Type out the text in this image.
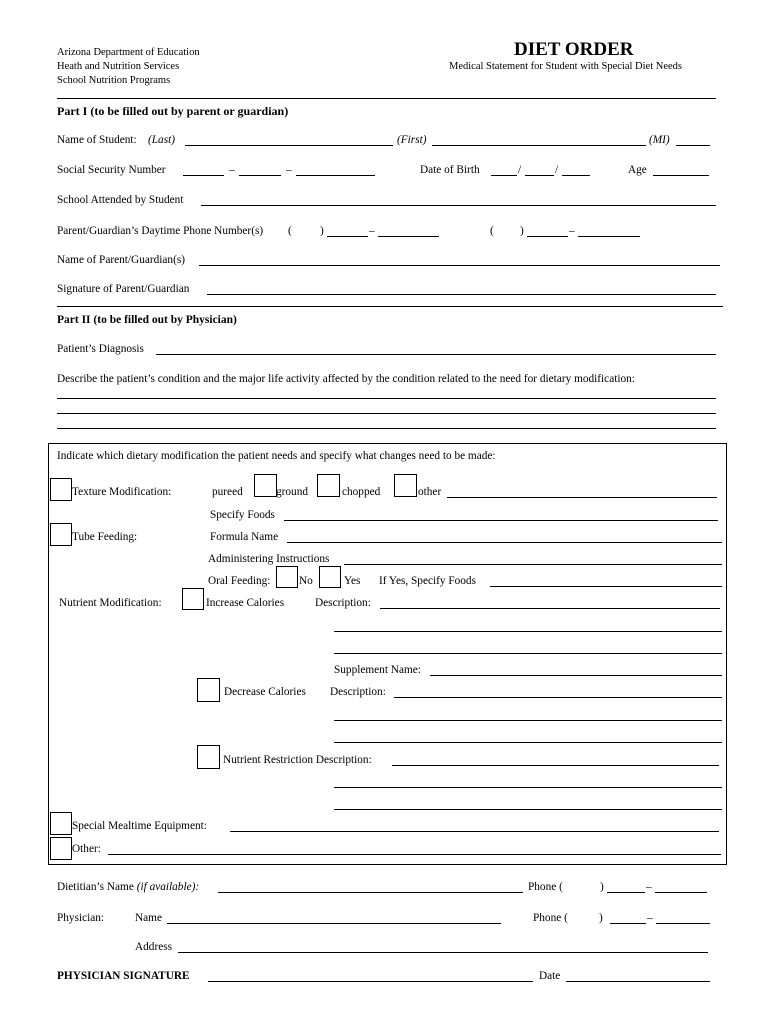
Arizona Department of Education
Heath and Nutrition Services
School Nutrition Programs
DIET ORDER
Medical Statement for Student with Special Diet Needs
Part I (to be filled out by parent or guardian)
Name of Student: (Last)	(First)	(MI)
Social Security Number	–	–	Date of Birth	/	/	Age
School Attended by Student
Parent/Guardian’s Daytime Phone Number(s) ( )	–	( )	–
Name of Parent/Guardian(s)
Signature of Parent/Guardian
Part II (to be filled out by Physician)
Patient’s Diagnosis
Describe the patient’s condition and the major life activity affected by the condition related to the need for dietary modification:
Indicate which dietary modification the patient needs and specify what changes need to be made:
Texture Modification:	pureed	ground	chopped	other
Specify Foods
Tube Feeding:	Formula Name
Administering Instructions
Oral Feeding:	No	Yes If Yes, Specify Foods
Nutrient Modification:	Increase Calories	Description:
Supplement Name:
Decrease Calories Description:
Nutrient Restriction Description:
Special Mealtime Equipment:
Other:
Dietitian’s Name (if available):	Phone (	)	–
Physician:	Name	Phone (	)	–
Address
PHYSICIAN SIGNATURE	Date
